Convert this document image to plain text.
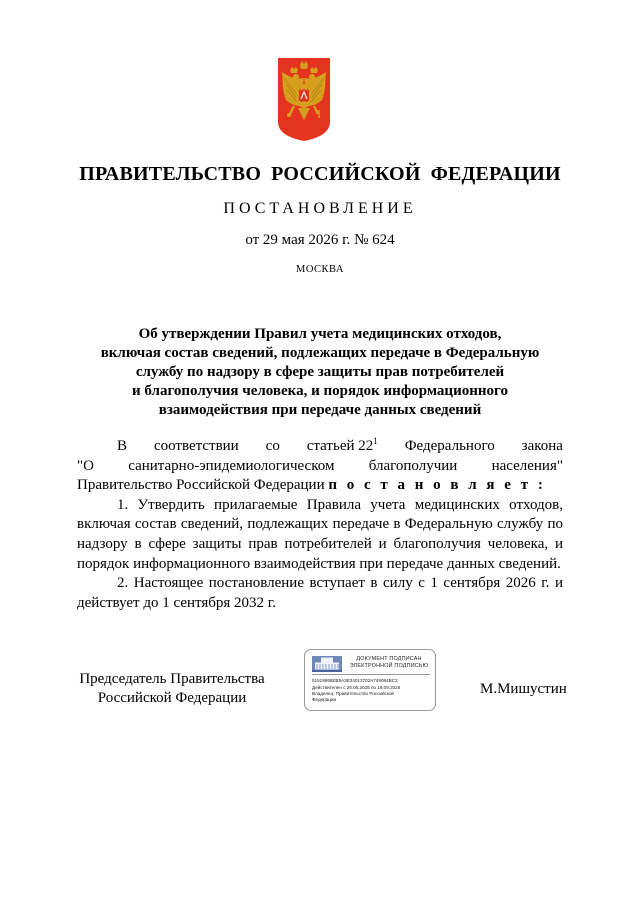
ПРАВИТЕЛЬСТВО РОССИЙСКОЙ ФЕДЕРАЦИИ
ПОСТАНОВЛЕНИЕ
от 29 мая 2026 г. № 624
МОСКВА
Об утверждении Правил учета медицинских отходов,
включая состав сведений, подлежащих передаче в Федеральную
службу по надзору в сфере защиты прав потребителей
и благополучия человека, и порядок информационного
взаимодействия при передаче данных сведений
В соответствии со статьей $22^1$ Федерального закона
"О санитарно-эпидемиологическом благополучии населения"
Правительство Российской Федерации п о с т а н о в л я е т :

1. Утвердить прилагаемые Правила учета медицинских отходов, включая состав сведений, подлежащих передаче в Федеральную службу по надзору в сфере защиты прав потребителей и благополучия человека, и порядок информационного взаимодействия при передаче данных сведений.

2. Настоящее постановление вступает в силу с 1 сентября 2026 г. и действует до 1 сентября 2032 г.

Председатель Правительства Российской Федерации
ДОКУМЕНТ ПОДПИСАН
ЭЛЕКТРОННОЙ ПОДПИСЬЮ
51615868EB5A3E34013702A749084BC3
Действителен с 26.06.2025 по 19.09.2026
Владелец: Правительство Российской
Федерации
М.Мишустин
